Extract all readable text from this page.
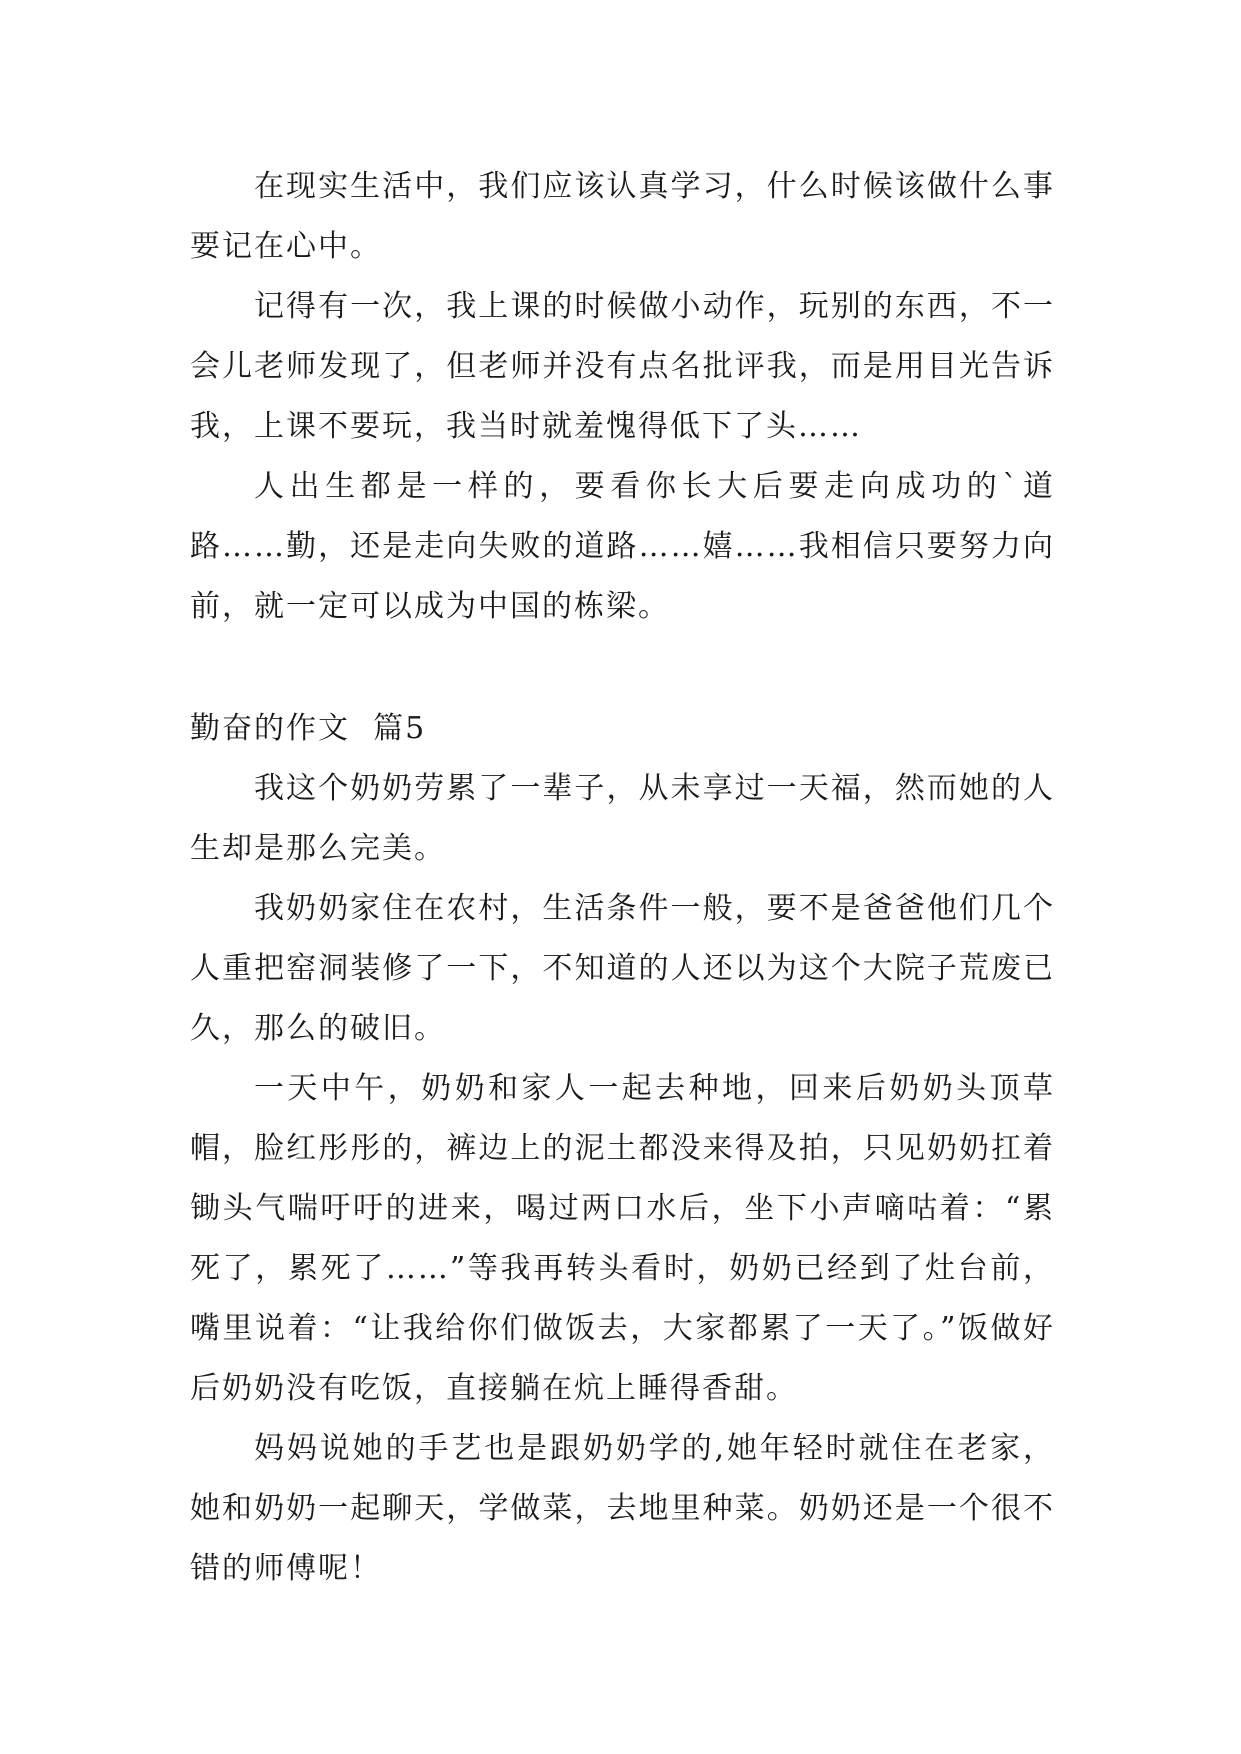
在现实生活中，我们应该认真学习，什么时候该做什么事要记在心中。

记得有一次，我上课的时候做小动作，玩别的东西，不一会儿老师发现了，但老师并没有点名批评我，而是用目光告诉我，上课不要玩，我当时就羞愧得低下了头……

人出生都是一样的，要看你长大后要走向成功的`道路……勤，还是走向失败的道路……嬉……我相信只要努力向前，就一定可以成为中国的栋梁。

勤奋的作文  篇5

我这个奶奶劳累了一辈子，从未享过一天福，然而她的人生却是那么完美。

我奶奶家住在农村，生活条件一般，要不是爸爸他们几个人重把窑洞装修了一下，不知道的人还以为这个大院子荒废已久，那么的破旧。

一天中午，奶奶和家人一起去种地，回来后奶奶头顶草帽，脸红彤彤的，裤边上的泥土都没来得及拍，只见奶奶扛着锄头气喘吁吁的进来，喝过两口水后，坐下小声嘀咕着：“累死了，累死了……”等我再转头看时，奶奶已经到了灶台前，嘴里说着：“让我给你们做饭去，大家都累了一天了。”饭做好后奶奶没有吃饭，直接躺在炕上睡得香甜。

妈妈说她的手艺也是跟奶奶学的,她年轻时就住在老家，她和奶奶一起聊天，学做菜，去地里种菜。奶奶还是一个很不错的师傅呢！
